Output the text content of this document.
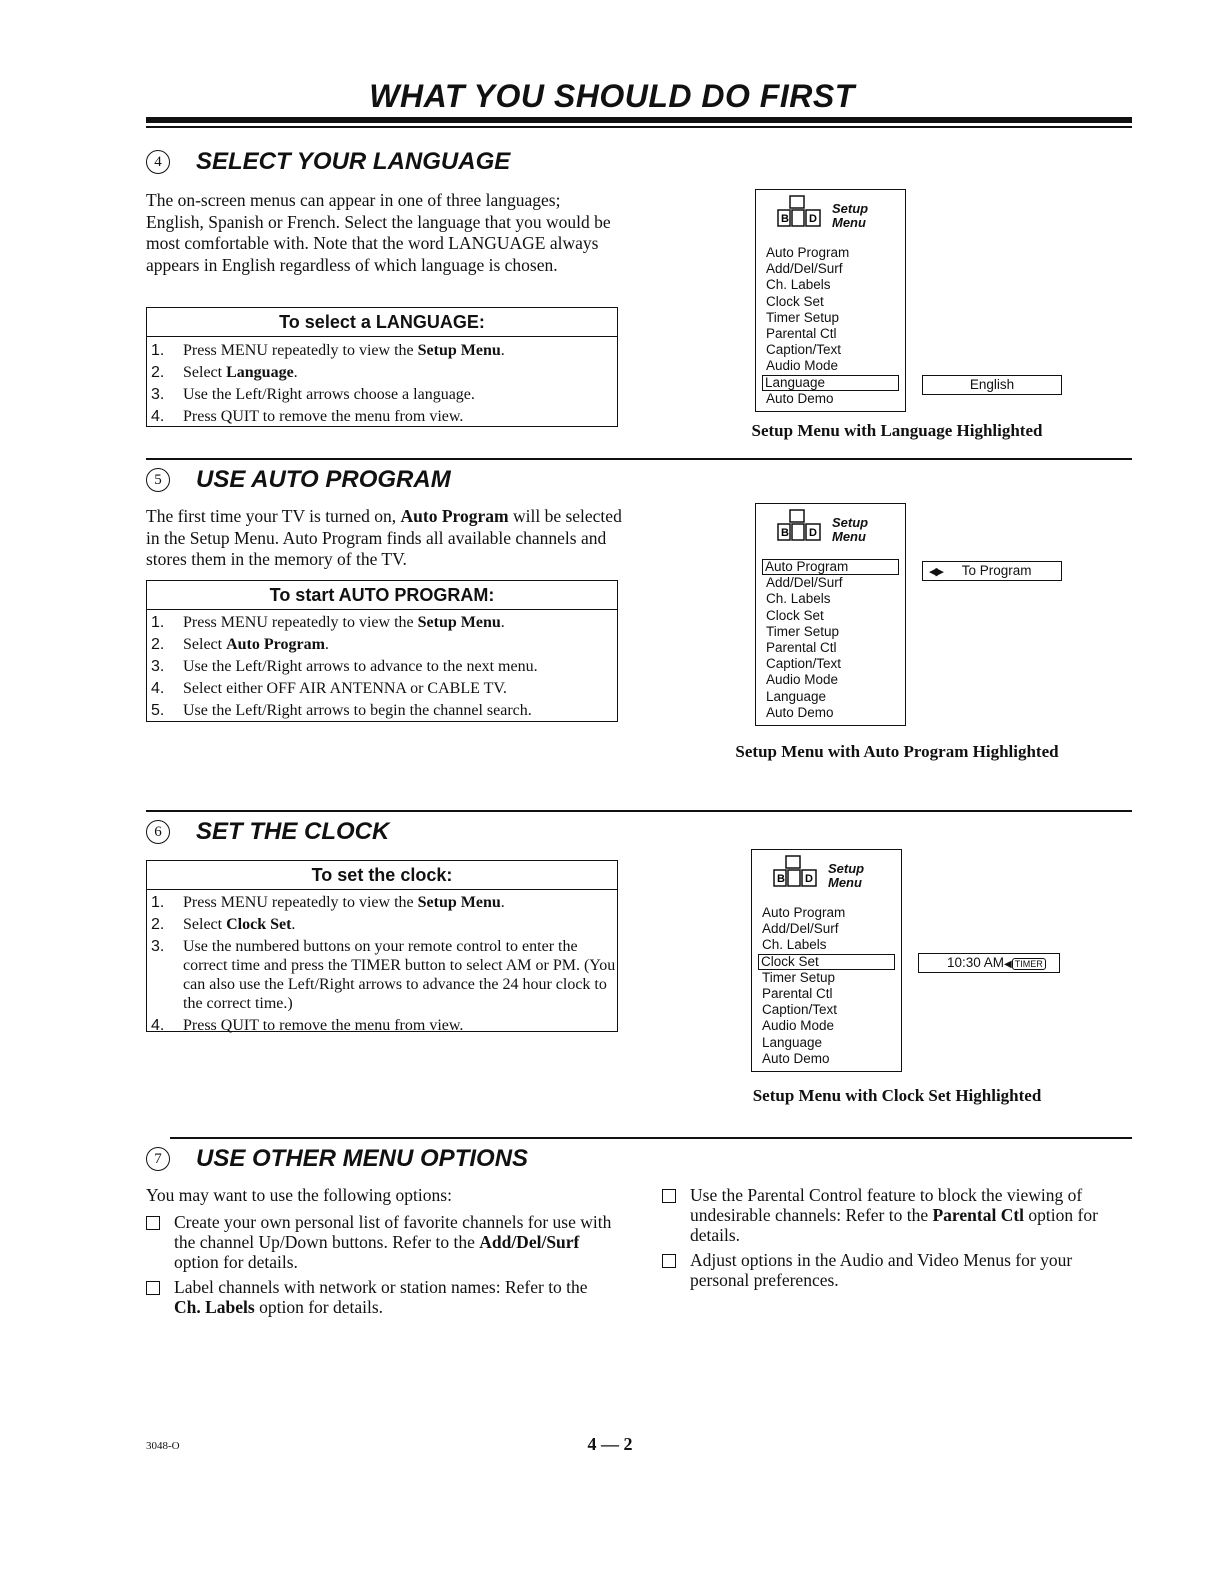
WHAT YOU SHOULD DO FIRST
4	SELECT YOUR LANGUAGE
The on-screen menus can appear in one of three languages; English, Spanish or French. Select the language that you would be most comfortable with. Note that the word LANGUAGE always appears in English regardless of which language is chosen.
To select a LANGUAGE:
1.	Press MENU repeatedly to view the Setup Menu.
2.	Select Language.
3.	Use the Left/Right arrows choose a language.
4.	Press QUIT to remove the menu from view.
B D
Setup
Menu
Auto Program
Add/Del/Surf
Ch. Labels
Clock Set
Timer Setup
Parental Ctl
Caption/Text
Audio Mode
Language
Auto Demo
English
Setup Menu with Language Highlighted
5	USE AUTO PROGRAM
The first time your TV is turned on, Auto Program will be selected in the Setup Menu. Auto Program finds all available channels and stores them in the memory of the TV.
To start AUTO PROGRAM:
1.	Press MENU repeatedly to view the Setup Menu.
2.	Select Auto Program.
3.	Use the Left/Right arrows to advance to the next menu.
4.	Select either OFF AIR ANTENNA or CABLE TV.
5.	Use the Left/Right arrows to begin the channel search.
B D
Setup
Menu
Auto Program
Add/Del/Surf
Ch. Labels
Clock Set
Timer Setup
Parental Ctl
Caption/Text
Audio Mode
Language
Auto Demo
◀▶ To Program
Setup Menu with Auto Program Highlighted
6	SET THE CLOCK
To set the clock:
1.	Press MENU repeatedly to view the Setup Menu.
2.	Select Clock Set.
3.	Use the numbered buttons on your remote control to enter the correct time and press the TIMER button to select AM or PM. (You can also use the Left/Right arrows to advance the 24 hour clock to the correct time.)
4.	Press QUIT to remove the menu from view.
B D
Setup
Menu
Auto Program
Add/Del/Surf
Ch. Labels
Clock Set
Timer Setup
Parental Ctl
Caption/Text
Audio Mode
Language
Auto Demo
10:30 AM◀ TIMER
Setup Menu with Clock Set Highlighted
7	USE OTHER MENU OPTIONS
You may want to use the following options:
Create your own personal list of favorite channels for use with the channel Up/Down buttons. Refer to the Add/Del/Surf option for details.
Label channels with network or station names: Refer to the Ch. Labels option for details.
Use the Parental Control feature to block the viewing of undesirable channels: Refer to the Parental Ctl option for details.
Adjust options in the Audio and Video Menus for your personal preferences.
3048-O	4 — 2
